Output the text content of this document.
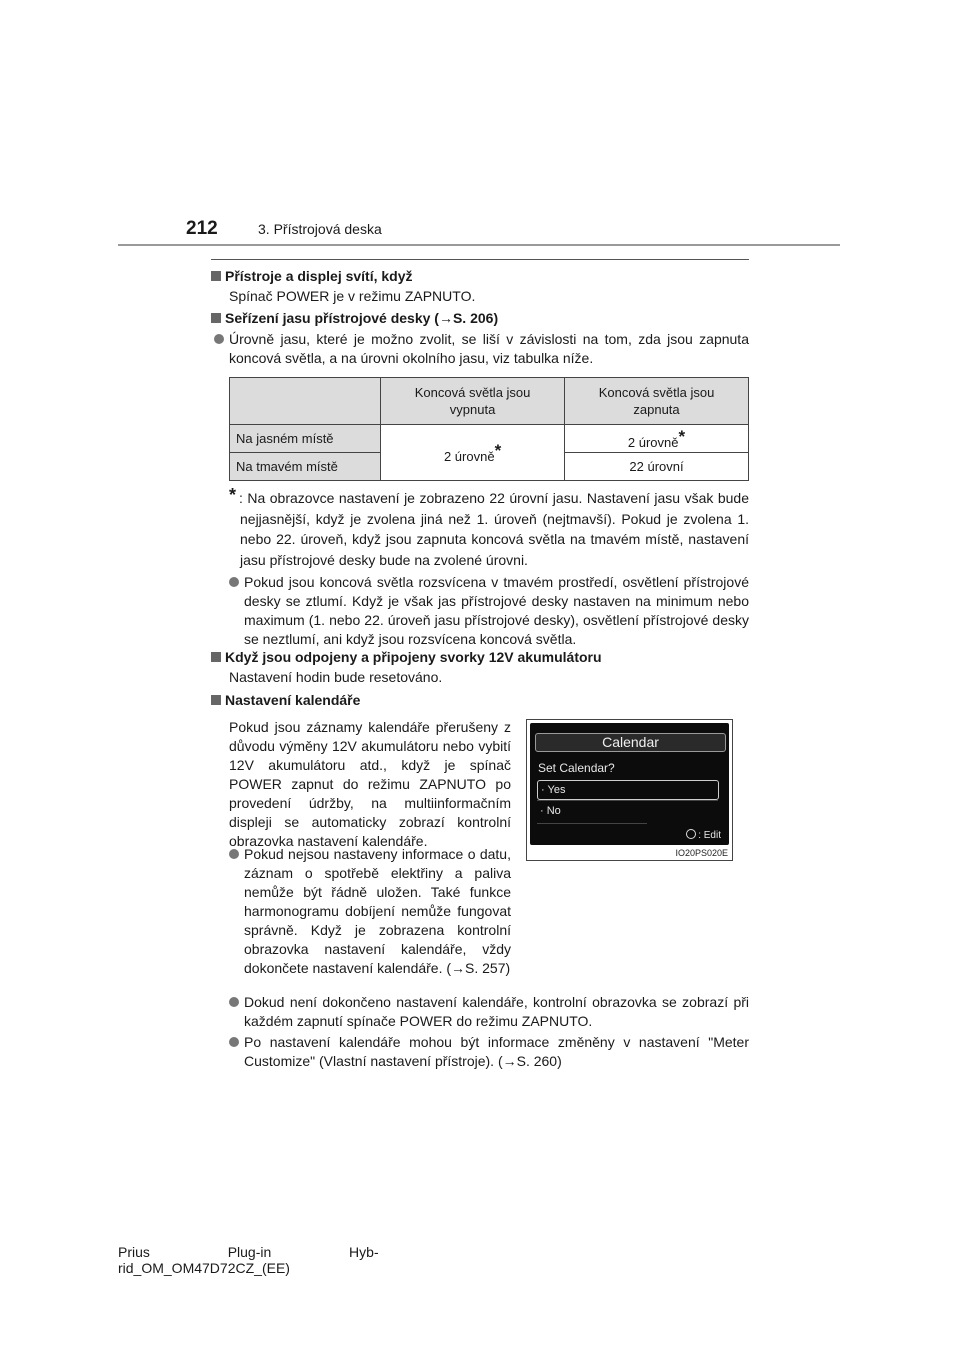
212	3. Přístrojová deska
Přístroje a displej svítí, když
Spínač POWER je v režimu ZAPNUTO.
Seřízení jasu přístrojové desky (→S. 206)
Úrovně jasu, které je možno zvolit, se liší v závislosti na tom, zda jsou zapnuta koncová světla, a na úrovni okolního jasu, viz tabulka níže.
	Koncová světla jsou vypnuta	Koncová světla jsou zapnuta
Na jasném místě	2 úrovně*	2 úrovně*
Na tmavém místě		22 úrovní
* : Na obrazovce nastavení je zobrazeno 22 úrovní jasu. Nastavení jasu však bude nejjasnější, když je zvolena jiná než 1. úroveň (nejtmavší). Pokud je zvolena 1. nebo 22. úroveň, když jsou zapnuta koncová světla na tmavém místě, nastavení jasu přístrojové desky bude na zvolené úrovni.
Pokud jsou koncová světla rozsvícena v tmavém prostředí, osvětlení přístrojové desky se ztlumí. Když je však jas přístrojové desky nastaven na minimum nebo maximum (1. nebo 22. úroveň jasu přístrojové desky), osvětlení přístrojové desky se neztlumí, ani když jsou rozsvícena koncová světla.
Když jsou odpojeny a připojeny svorky 12V akumulátoru
Nastavení hodin bude resetováno.
Nastavení kalendáře
Pokud jsou záznamy kalendáře přerušeny z důvodu výměny 12V akumulátoru nebo vybití 12V akumulátoru atd., když je spínač POWER zapnut do režimu ZAPNUTO po provedení údržby, na multiinformačním displeji se automaticky zobrazí kontrolní obrazovka nastavení kalendáře.
Pokud nejsou nastaveny informace o datu, záznam o spotřebě elektřiny a paliva nemůže být řádně uložen. Také funkce harmonogramu dobíjení nemůže fungovat správně. Když je zobrazena kontrolní obrazovka nastavení kalendáře, vždy dokončete nastavení kalendáře. (→S. 257)
Calendar
Set Calendar?
· Yes
· No
: Edit
IO20PS020E
Dokud není dokončeno nastavení kalendáře, kontrolní obrazovka se zobrazí při každém zapnutí spínače POWER do režimu ZAPNUTO.
Po nastavení kalendáře mohou být informace změněny v nastavení "Meter Customize" (Vlastní nastavení přístroje). (→S. 260)
Prius                    Plug-in                    Hyb-
rid_OM_OM47D72CZ_(EE)
